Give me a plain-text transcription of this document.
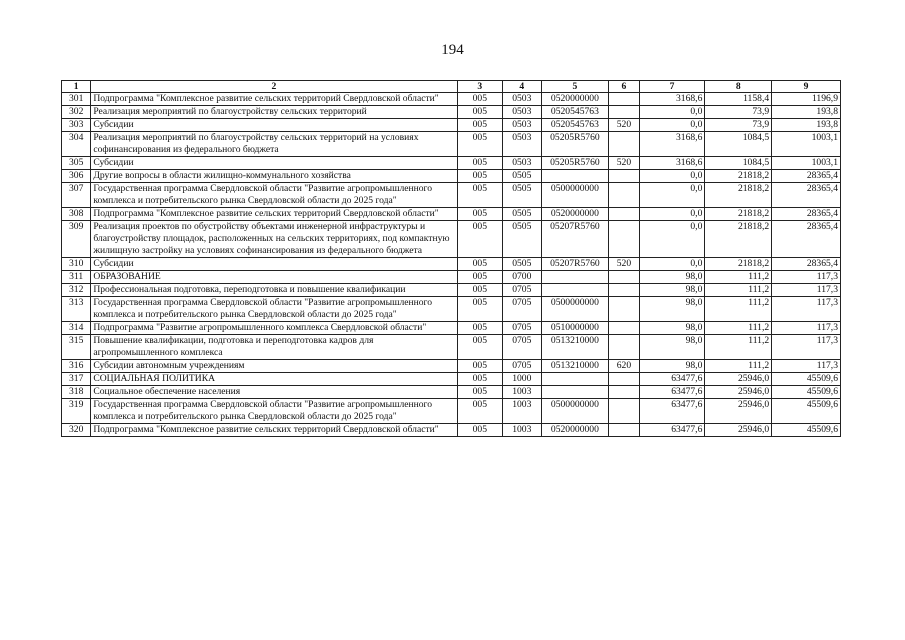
194
1	2	3	4	5	6	7	8	9
301	Подпрограмма "Комплексное развитие сельских территорий Свердловской области"	005	0503	0520000000		3168,6	1158,4	1196,9
302	Реализация мероприятий по благоустройству сельских территорий	005	0503	0520545763		0,0	73,9	193,8
303	Субсидии	005	0503	0520545763	520	0,0	73,9	193,8
304	Реализация мероприятий по благоустройству сельских территорий на условиях софинансирования из федерального бюджета	005	0503	05205R5760		3168,6	1084,5	1003,1
305	Субсидии	005	0503	05205R5760	520	3168,6	1084,5	1003,1
306	Другие вопросы в области жилищно-коммунального хозяйства	005	0505			0,0	21818,2	28365,4
307	Государственная программа Свердловской области "Развитие агропромышленного комплекса и потребительского рынка Свердловской области до 2025 года"	005	0505	0500000000		0,0	21818,2	28365,4
308	Подпрограмма "Комплексное развитие сельских территорий Свердловской области"	005	0505	0520000000		0,0	21818,2	28365,4
309	Реализация проектов по обустройству объектами инженерной инфраструктуры и благоустройству площадок, расположенных на сельских территориях, под компактную жилищную застройку на условиях софинансирования из федерального бюджета	005	0505	05207R5760		0,0	21818,2	28365,4
310	Субсидии	005	0505	05207R5760	520	0,0	21818,2	28365,4
311	ОБРАЗОВАНИЕ	005	0700			98,0	111,2	117,3
312	Профессиональная подготовка, переподготовка и повышение квалификации	005	0705			98,0	111,2	117,3
313	Государственная программа Свердловской области "Развитие агропромышленного комплекса и потребительского рынка Свердловской области до 2025 года"	005	0705	0500000000		98,0	111,2	117,3
314	Подпрограмма "Развитие агропромышленного комплекса Свердловской области"	005	0705	0510000000		98,0	111,2	117,3
315	Повышение квалификации, подготовка и переподготовка кадров для агропромышленного комплекса	005	0705	0513210000		98,0	111,2	117,3
316	Субсидии автономным учреждениям	005	0705	0513210000	620	98,0	111,2	117,3
317	СОЦИАЛЬНАЯ ПОЛИТИКА	005	1000			63477,6	25946,0	45509,6
318	Социальное обеспечение населения	005	1003			63477,6	25946,0	45509,6
319	Государственная программа Свердловской области "Развитие агропромышленного комплекса и потребительского рынка Свердловской области до 2025 года"	005	1003	0500000000		63477,6	25946,0	45509,6
320	Подпрограмма "Комплексное развитие сельских территорий Свердловской области"	005	1003	0520000000		63477,6	25946,0	45509,6
